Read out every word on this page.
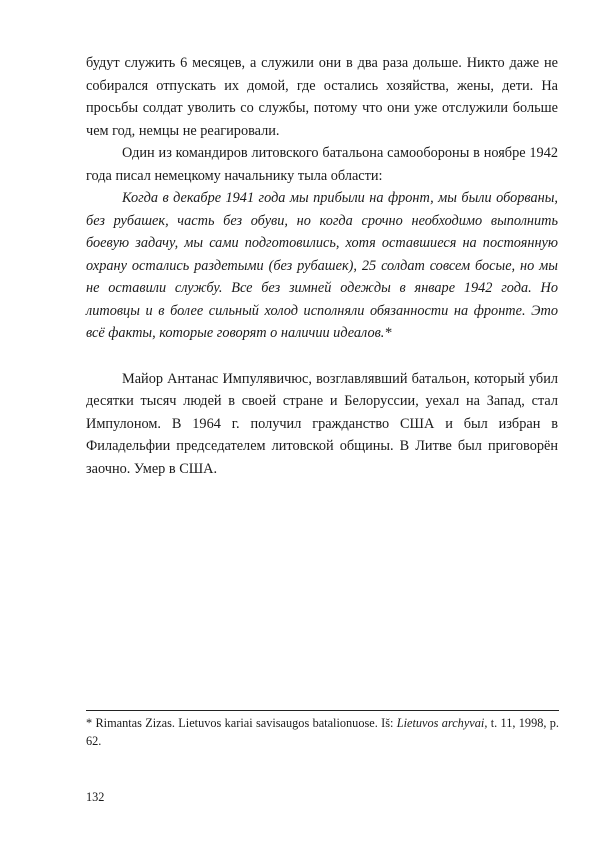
будут служить 6 месяцев, а служили они в два раза дольше. Никто даже не собирался отпускать их домой, где остались хозяйства, жены, дети. На просьбы солдат уволить со службы, потому что они уже отслужили больше чем год, немцы не реагировали.

Один из командиров литовского батальона самообороны в ноябре 1942 года писал немецкому начальнику тыла области:

Когда в декабре 1941 года мы прибыли на фронт, мы были оборваны, без рубашек, часть без обуви, но когда срочно необходимо выполнить боевую задачу, мы сами подготовились, хотя оставшиеся на постоянную охрану остались раздетыми (без рубашек), 25 солдат совсем босые, но мы не оставили службу. Все без зимней одежды в январе 1942 года. Но литовцы и в более сильный холод исполняли обязанности на фронте. Это всё факты, которые говорят о наличии идеалов.*

Майор Антанас Импулявичюс, возглавлявший батальон, который убил десятки тысяч людей в своей стране и Белоруссии, уехал на Запад, стал Импулоном. В 1964 г. получил гражданство США и был избран в Филадельфии председателем литовской общины. В Литве был приговорён заочно. Умер в США.

* Rimantas Zizas. Lietuvos kariai savisaugos batalionuose. Iš: Lietuvos archyvai, t. 11, 1998, p. 62.

132
